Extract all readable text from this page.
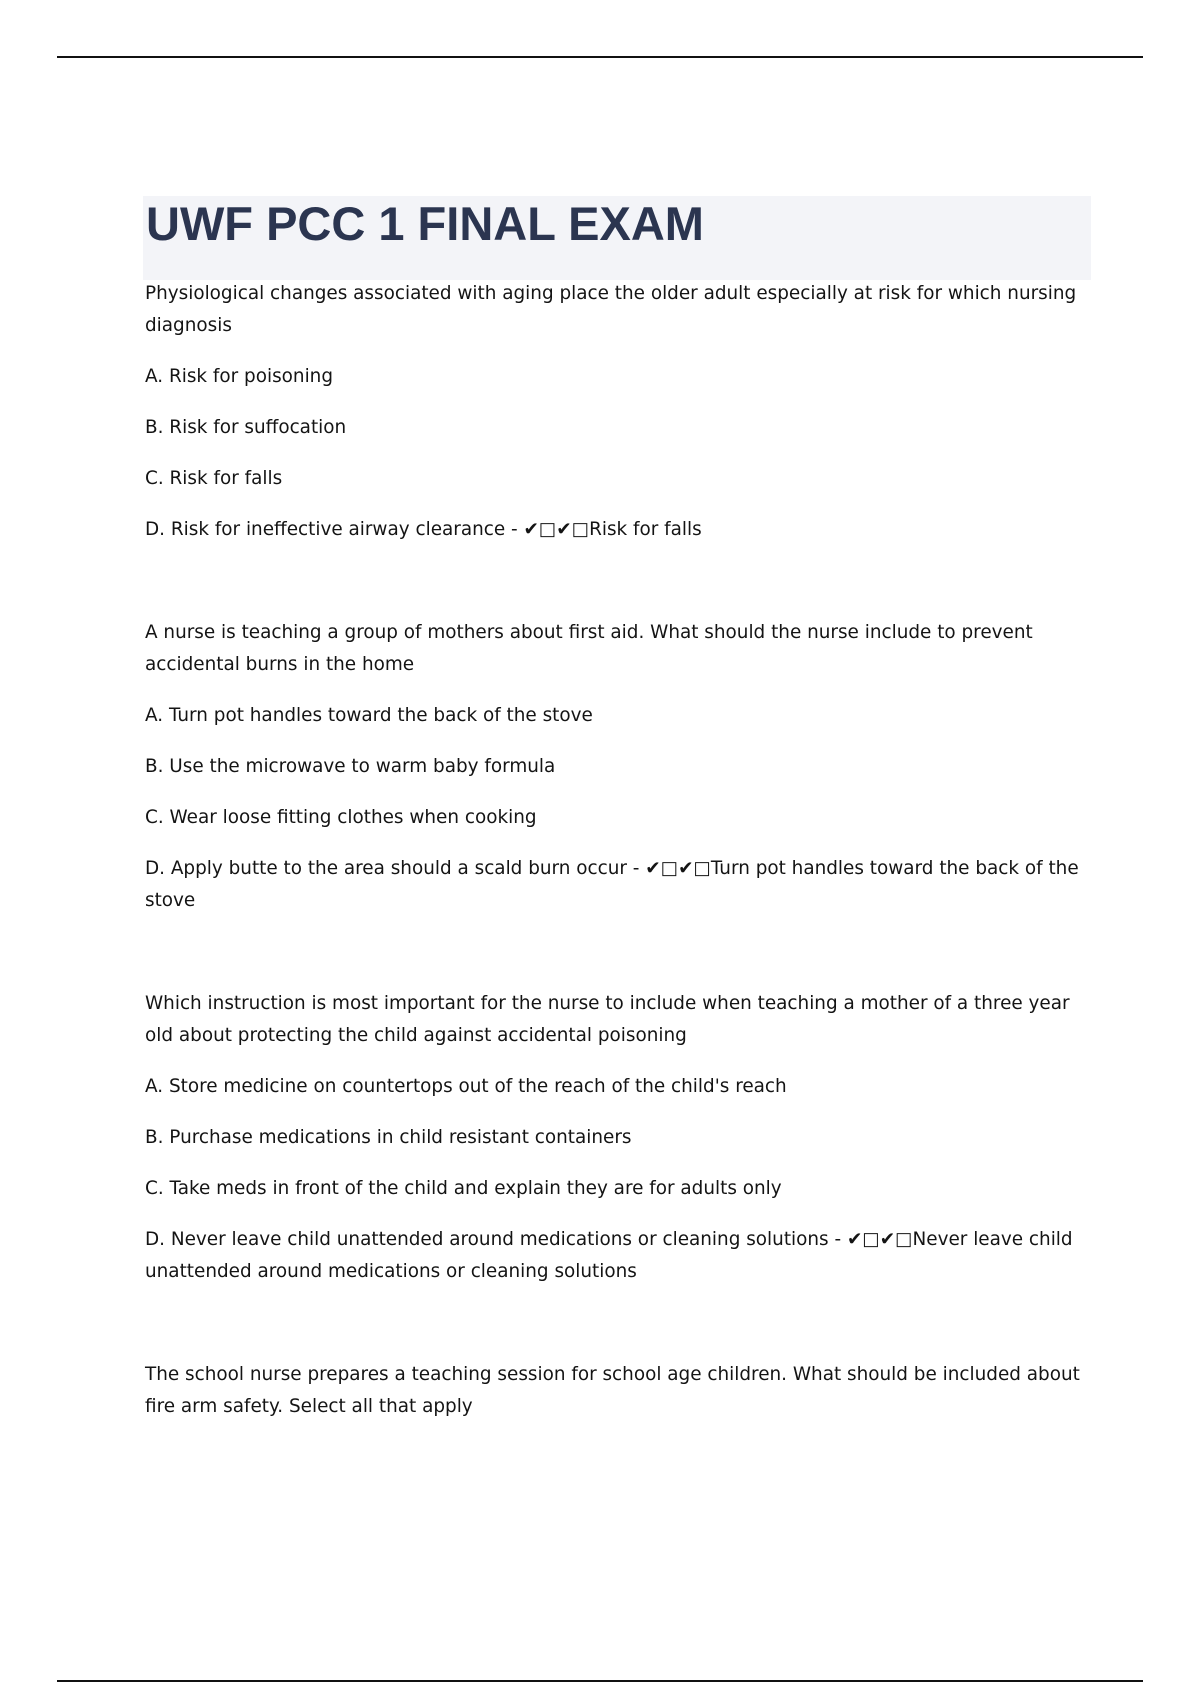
UWF PCC 1 FINAL EXAM

Physiological changes associated with aging place the older adult especially at risk for which nursing diagnosis

A. Risk for poisoning

B. Risk for suffocation

C. Risk for falls

D. Risk for ineffective airway clearance - ✔□✔□Risk for falls

A nurse is teaching a group of mothers about first aid. What should the nurse include to prevent accidental burns in the home

A. Turn pot handles toward the back of the stove

B. Use the microwave to warm baby formula

C. Wear loose fitting clothes when cooking

D. Apply butte to the area should a scald burn occur - ✔□✔□Turn pot handles toward the back of the stove

Which instruction is most important for the nurse to include when teaching a mother of a three year old about protecting the child against accidental poisoning

A. Store medicine on countertops out of the reach of the child's reach

B. Purchase medications in child resistant containers

C. Take meds in front of the child and explain they are for adults only

D. Never leave child unattended around medications or cleaning solutions - ✔□✔□Never leave child unattended around medications or cleaning solutions

The school nurse prepares a teaching session for school age children. What should be included about fire arm safety. Select all that apply
